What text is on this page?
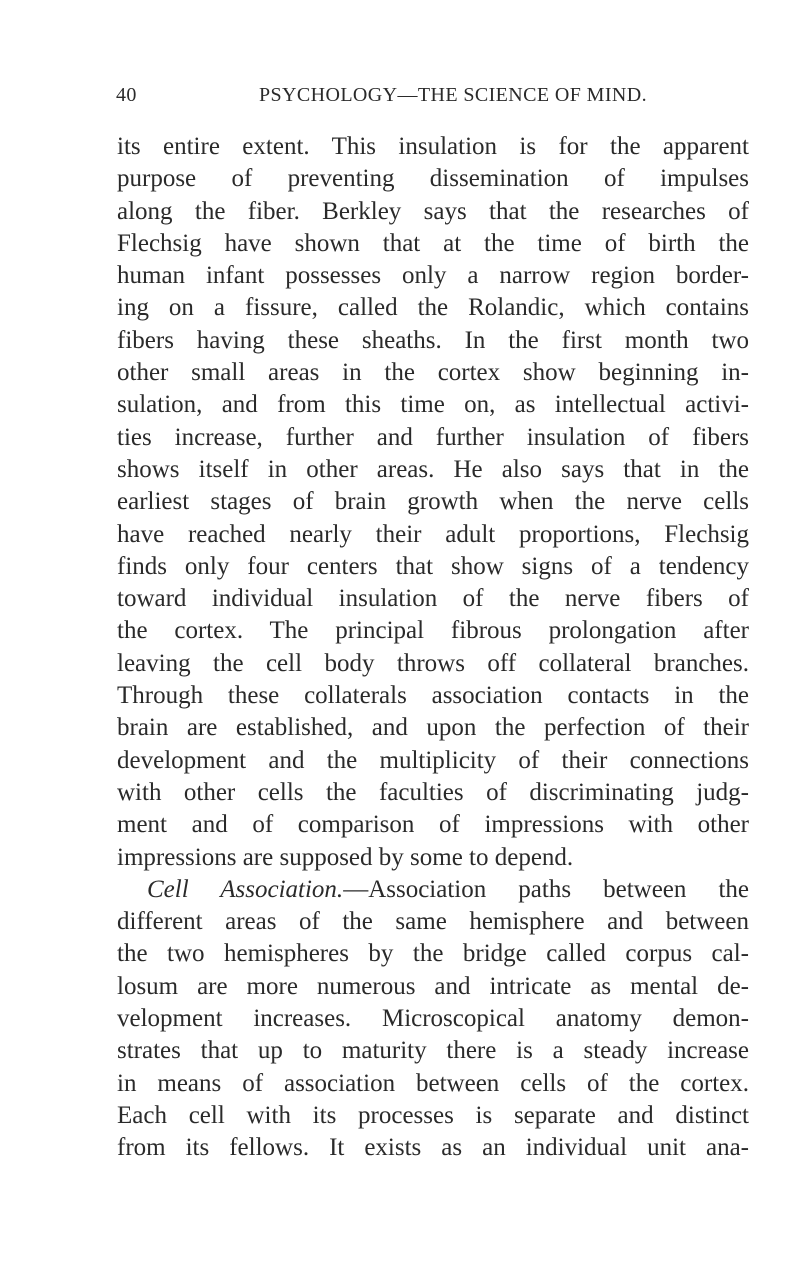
40	PSYCHOLOGY—THE SCIENCE OF MIND.
its entire extent. This insulation is for the apparent
purpose of preventing dissemination of impulses
along the fiber. Berkley says that the researches of
Flechsig have shown that at the time of birth the
human infant possesses only a narrow region border-
ing on a fissure, called the Rolandic, which contains
fibers having these sheaths. In the first month two
other small areas in the cortex show beginning in-
sulation, and from this time on, as intellectual activi-
ties increase, further and further insulation of fibers
shows itself in other areas. He also says that in the
earliest stages of brain growth when the nerve cells
have reached nearly their adult proportions, Flechsig
finds only four centers that show signs of a tendency
toward individual insulation of the nerve fibers of
the cortex. The principal fibrous prolongation after
leaving the cell body throws off collateral branches.
Through these collaterals association contacts in the
brain are established, and upon the perfection of their
development and the multiplicity of their connections
with other cells the faculties of discriminating judg-
ment and of comparison of impressions with other
impressions are supposed by some to depend.
Cell Association.—Association paths between the
different areas of the same hemisphere and between
the two hemispheres by the bridge called corpus cal-
losum are more numerous and intricate as mental de-
velopment increases. Microscopical anatomy demon-
strates that up to maturity there is a steady increase
in means of association between cells of the cortex.
Each cell with its processes is separate and distinct
from its fellows. It exists as an individual unit ana-
